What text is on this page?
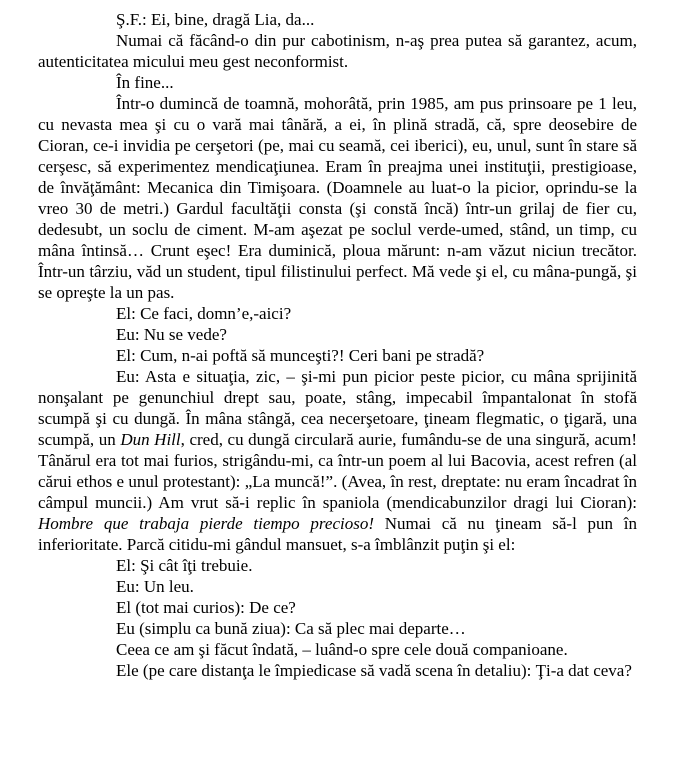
Ş.F.: Ei, bine, dragă Lia, da...

Numai că făcând-o din pur cabotinism, n-aş prea putea să garantez, acum, autenticitatea micului meu gest neconformist.

În fine...

Într-o dumincă de toamnă, mohorâtă, prin 1985, am pus prinsoare pe 1 leu, cu nevasta mea şi cu o vară mai tânără, a ei, în plină stradă, că, spre deosebire de Cioran, ce-i invidia pe cerşetori (pe, mai cu seamă, cei iberici), eu, unul, sunt în stare să cerşesc, să experimentez mendicaţiunea. Eram în preajma unei instituţii, prestigioase, de învăţământ: Mecanica din Timişoara. (Doamnele au luat-o la picior, oprindu-se la vreo 30 de metri.) Gardul facultăţii consta (şi constă încă) într-un grilaj de fier cu, dedesubt, un soclu de ciment. M-am aşezat pe soclul verde-umed, stând, un timp, cu mâna întinsă… Crunt eşec! Era duminică, ploua mărunt: n-am văzut niciun trecător. Într-un târziu, văd un student, tipul filistinului perfect. Mă vede şi el, cu mâna-pungă, şi se opreşte la un pas.

El: Ce faci, domn’e,-aici?

Eu: Nu se vede?

El: Cum, n-ai poftă să munceşti?! Ceri bani pe stradă?

Eu: Asta e situaţia, zic, – şi-mi pun picior peste picior, cu mâna sprijinită nonşalant pe genunchiul drept sau, poate, stâng, impecabil împantalonat în stofă scumpă şi cu dungă. În mâna stângă, cea necerşetoare, ţineam flegmatic, o ţigară, una scumpă, un Dun Hill, cred, cu dungă circulară aurie, fumându-se de una singură, acum! Tânărul era tot mai furios, strigându-mi, ca într-un poem al lui Bacovia, acest refren (al cărui ethos e unul protestant): „La muncă!”. (Avea, în rest, dreptate: nu eram încadrat în câmpul muncii.) Am vrut să-i replic în spaniola (mendicabunzilor dragi lui Cioran): Hombre que trabaja pierde tiempo precioso! Numai că nu ţineam să-l pun în inferioritate. Parcă citidu-mi gândul mansuet, s-a îmblânzit puţin şi el:

El: Şi cât îţi trebuie.

Eu: Un leu.

El (tot mai curios): De ce?

Eu (simplu ca bună ziua): Ca să plec mai departe…

Ceea ce am şi făcut îndată, – luând-o spre cele două companioane.

Ele (pe care distanţa le împiedicase să vadă scena în detaliu): Ţi-a dat ceva?
